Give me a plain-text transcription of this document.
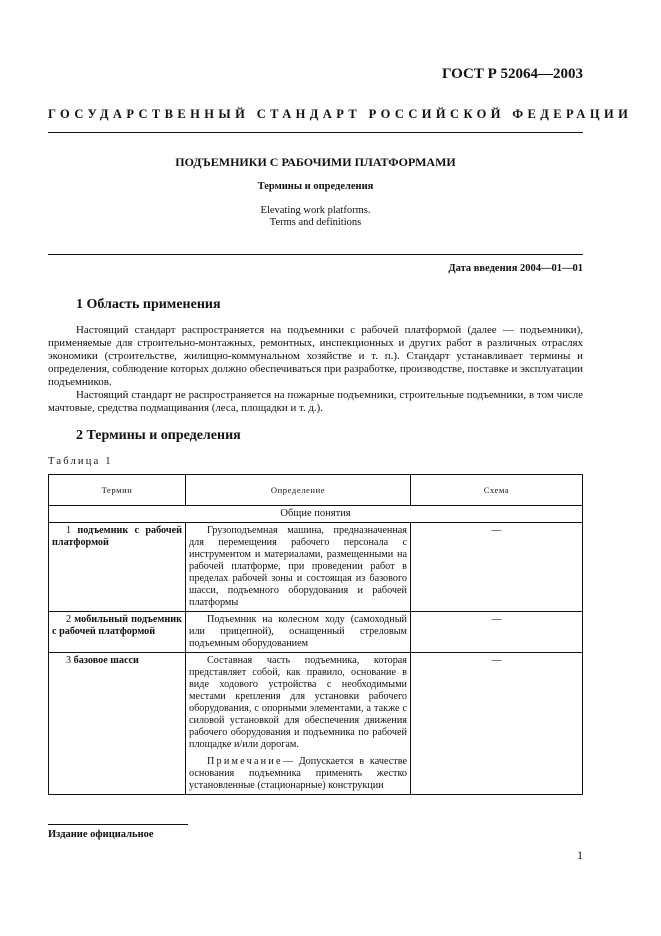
ГОСТ Р 52064—2003
ГОСУДАРСТВЕННЫЙ СТАНДАРТ РОССИЙСКОЙ ФЕДЕРАЦИИ
ПОДЪЕМНИКИ С РАБОЧИМИ ПЛАТФОРМАМИ
Термины и определения
Elevating work platforms.
Terms and definitions
Дата введения 2004—01—01
1 Область применения

Настоящий стандарт распространяется на подъемники с рабочей платформой (далее — подъемники), применяемые для строительно-монтажных, ремонтных, инспекционных и других работ в различных отраслях экономики (строительстве, жилищно-коммунальном хозяйстве и т. п.). Стандарт устанавливает термины и определения, соблюдение которых должно обеспечиваться при разработке, производстве, поставке и эксплуатации подъемников.

Настоящий стандарт не распространяется на пожарные подъемники, строительные подъемники, в том числе мачтовые, средства подмащивания (леса, площадки и т. д.).

2 Термины и определения
Таблица 1
Термин	Определение	Схема
Общие понятия		
1 подъемник с рабочей платформой	Грузоподъемная машина, предназначенная для перемещения рабочего персонала с инструментом и материалами, размещенными на рабочей платформе, при проведении работ в пределах рабочей зоны и состоящая из базового шасси, подъемного оборудования и рабочей платформы	—
2 мобильный подъемник с рабочей платформой	Подъемник на колесном ходу (самоходный или прицепной), оснащенный стреловым подъемным оборудованием	—
3 базовое шасси	Составная часть подъемника, которая представляет собой, как правило, основание в виде ходового устройства с необходимыми местами крепления для установки рабочего оборудования, с опорными элементами, а также с силовой установкой для обеспечения движения рабочего оборудования и подъемника по рабочей площадке и/или дорогам.

Примечание— Допускается в качестве основания подъемника применять жестко установленные (стационарные) конструкции	—
Издание официальное
1
